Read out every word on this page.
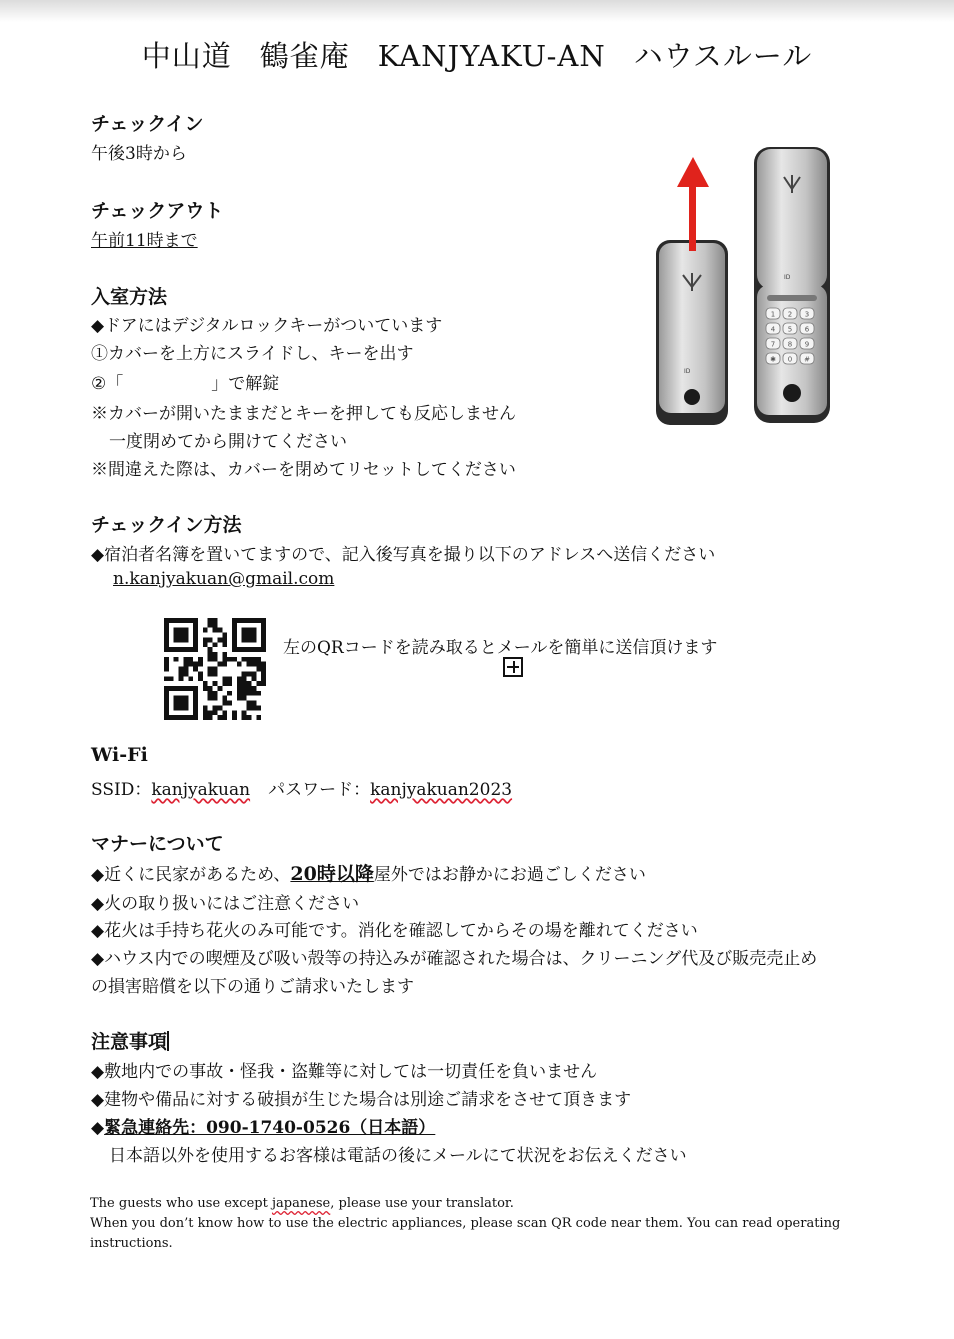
中山道 鶴雀庵 KANJYAKU-AN ハウスルール
チェックイン
午後3時から
チェックアウト
午前11時まで
入室方法
◆ドアにはデジタルロックキーがついています
①カバーを上方にスライドし、キーを出す
②「	」で解錠
※カバーが開いたままだとキーを押しても反応しません
一度閉めてから開けてください
※間違えた際は、カバーを閉めてリセットしてください
ID
ID
1 2 3
4 5 6
7 8 9
✱ 0 #
チェックイン方法
◆宿泊者名簿を置いてますので、記入後写真を撮り以下のアドレスへ送信ください
n.kanjyakuan@gmail.com
左のQRコードを読み取るとメールを簡単に送信頂けます
Wi-Fi
SSID：kanjyakuan パスワード：kanjyakuan2023
マナーについて
◆近くに民家があるため、20時以降屋外ではお静かにお過ごしください
◆火の取り扱いにはご注意ください
◆花火は手持ち花火のみ可能です。消化を確認してからその場を離れてください
◆ハウス内での喫煙及び吸い殻等の持込みが確認された場合は、クリーニング代及び販売売止め
の損害賠償を以下の通りご請求いたします
注意事項
◆敷地内での事故・怪我・盗難等に対しては一切責任を負いません
◆建物や備品に対する破損が生じた場合は別途ご請求をさせて頂きます
◆緊急連絡先：090-1740-0526（日本語）
日本語以外を使用するお客様は電話の後にメールにて状況をお伝えください
The guests who use except japanese, please use your translator.
When you don’t know how to use the electric appliances, please scan QR code near them. You can read operating
instructions.
